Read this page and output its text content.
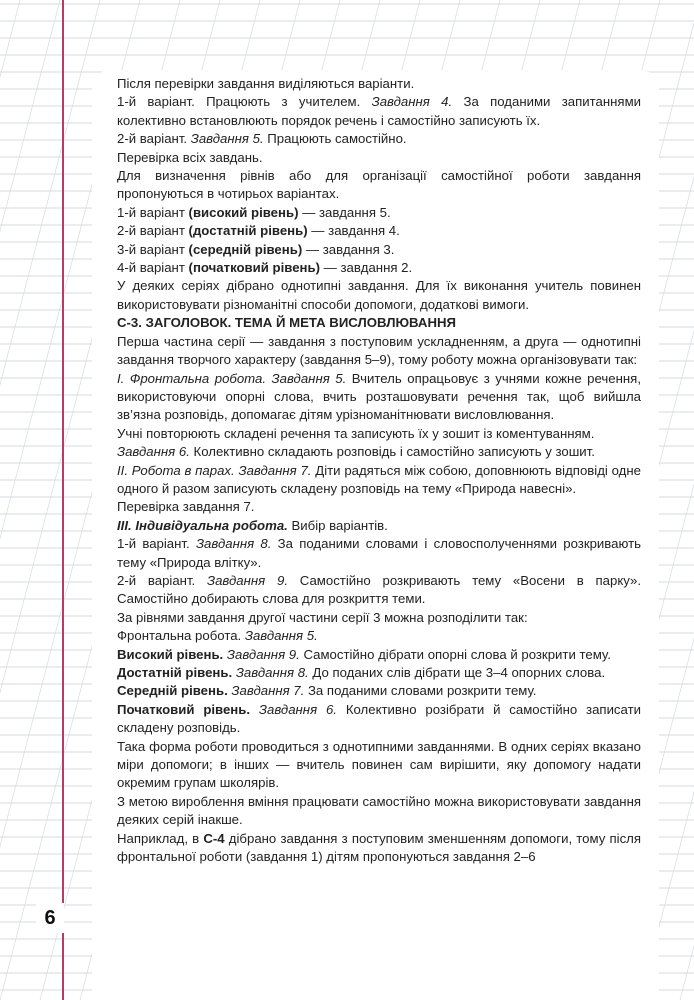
Після перевірки завдання виділяються варіанти.

1-й варіант. Працюють з учителем. Завдання 4. За поданими запитаннями колективно встановлюють порядок речень і самостійно записують їх.

2-й варіант. Завдання 5. Працюють самостійно.

Перевірка всіх завдань.

Для визначення рівнів або для організації самостійної роботи завдання пропонуються в чотирьох варіантах.

1-й варіант (високий рівень) — завдання 5.

2-й варіант (достатній рівень) — завдання 4.

3-й варіант (середній рівень) — завдання 3.

4-й варіант (початковий рівень) — завдання 2.

У деяких серіях дібрано однотипні завдання. Для їх виконання учитель повинен використовувати різноманітні способи допомоги, додаткові вимоги.

С-3. ЗАГОЛОВОК. ТЕМА Й МЕТА ВИСЛОВЛЮВАННЯ

Перша частина серії — завдання з поступовим ускладненням, а друга — однотипні завдання творчого характеру (завдання 5–9), тому роботу можна організовувати так:

І. Фронтальна робота. Завдання 5. Вчитель опрацьовує з учнями кожне речення, використовуючи опорні слова, вчить розташовувати речення так, щоб вийшла зв’язна розповідь, допомагає дітям урізноманітнювати висловлювання.

Учні повторюють складені речення та записують їх у зошит із коментуванням.

Завдання 6. Колективно складають розповідь і самостійно записують у зошит.

ІІ. Робота в парах. Завдання 7. Діти радяться між собою, доповнюють відповіді одне одного й разом записують складену розповідь на тему «Природа навесні».

Перевірка завдання 7.

ІІІ. Індивідуальна робота. Вибір варіантів.

1-й варіант. Завдання 8. За поданими словами і словосполученнями розкривають тему «Природа влітку».

2-й варіант. Завдання 9. Самостійно розкривають тему «Восени в парку». Самостійно добирають слова для розкриття теми.

За рівнями завдання другої частини серії 3 можна розподілити так:

Фронтальна робота. Завдання 5.

Високий рівень. Завдання 9. Самостійно дібрати опорні слова й розкрити тему.

Достатній рівень. Завдання 8. До поданих слів дібрати ще 3–4 опорних слова.

Середній рівень. Завдання 7. За поданими словами розкрити тему.

Початковий рівень. Завдання 6. Колективно розібрати й самостійно записати складену розповідь.

Така форма роботи проводиться з однотипними завданнями. В одних серіях вказано міри допомоги; в інших — вчитель повинен сам вирішити, яку допомогу надати окремим групам школярів.

З метою вироблення вміння працювати самостійно можна використовувати завдання деяких серій інакше.

Наприклад, в С-4 дібрано завдання з поступовим зменшенням допомоги, тому після фронтальної роботи (завдання 1) дітям пропонуються завдання 2–6

6
